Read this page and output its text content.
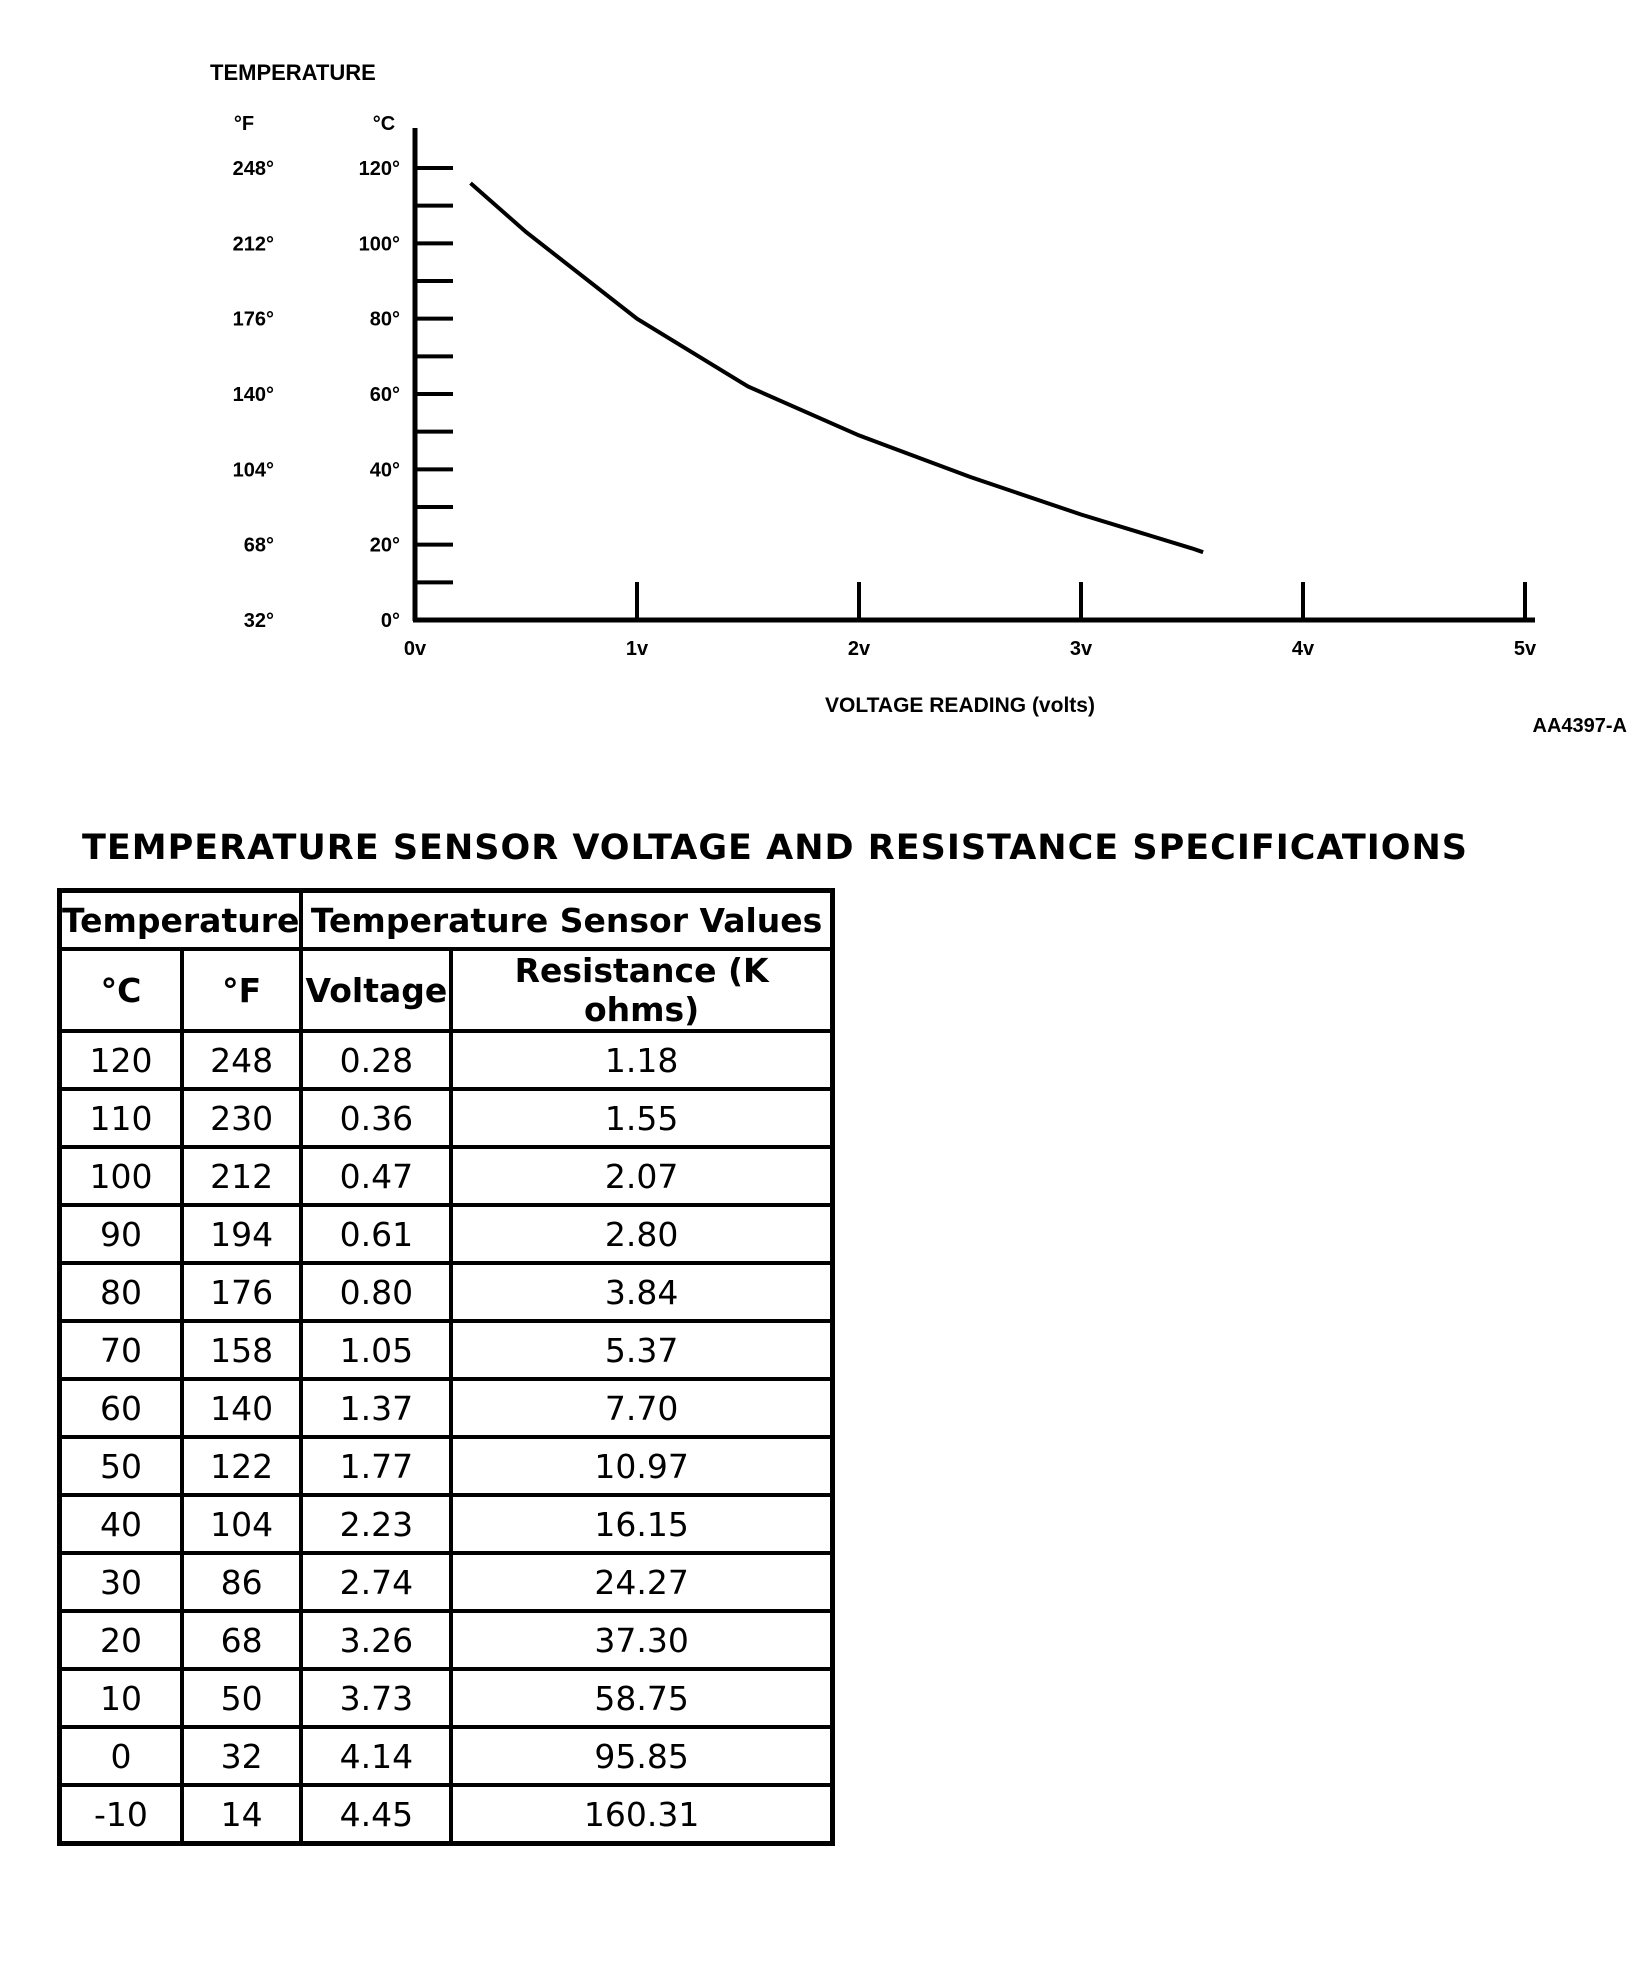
TEMPERATURE
°F	°C
0°
32°
20°
68°
40°
104°
60°
140°
80°
176°
100°
212°
120°
248°
0v	1v	2v	3v	4v	5v
VOLTAGE READING (volts)
AA4397-A
TEMPERATURE SENSOR VOLTAGE AND RESISTANCE SPECIFICATIONS
Temperature		Temperature Sensor Values	
°C	°F	Voltage	Resistance (K ohms)
120	248	0.28	1.18
110	230	0.36	1.55
100	212	0.47	2.07
90	194	0.61	2.80
80	176	0.80	3.84
70	158	1.05	5.37
60	140	1.37	7.70
50	122	1.77	10.97
40	104	2.23	16.15
30	86	2.74	24.27
20	68	3.26	37.30
10	50	3.73	58.75
0	32	4.14	95.85
-10	14	4.45	160.31
